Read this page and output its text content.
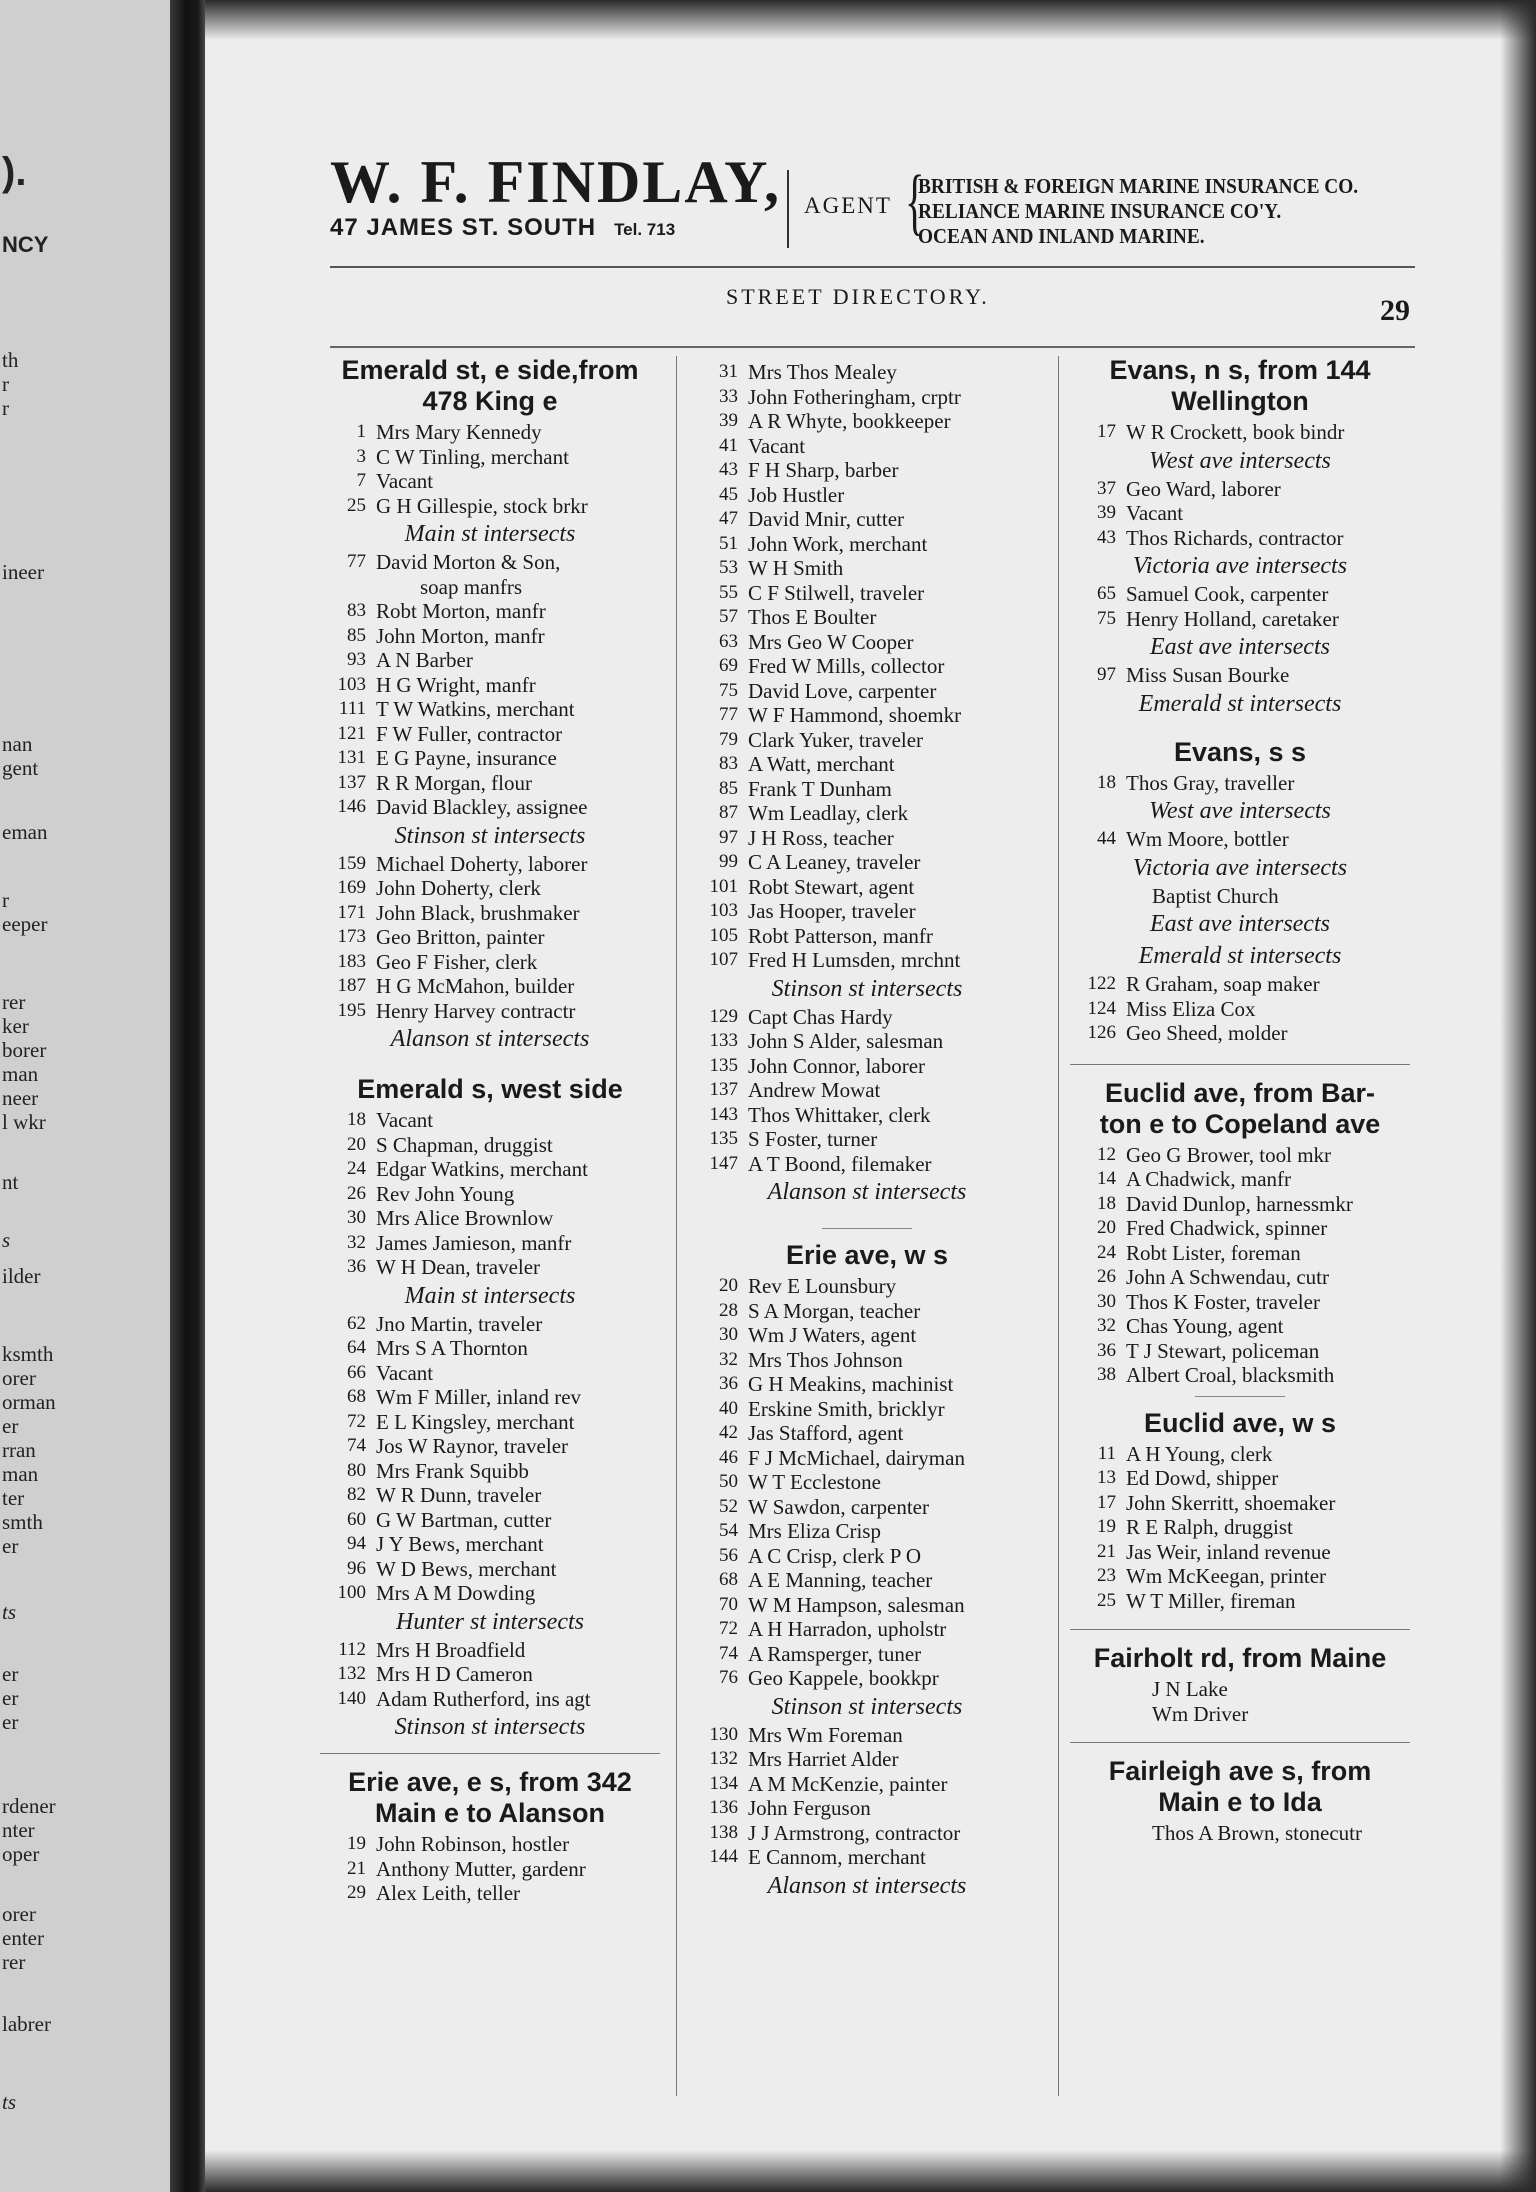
).
NCY
th
r
r
ineer
nan
gent
eman
r
eeper
rer
ker
borer
man
neer
l wkr
nt
s
ilder
ksmth
orer
orman
er
rran
man
ter
smth
er
ts
er
er
er
rdener
nter
oper
orer
enter
rer
labrer
ts
W. F. FINDLAY,
47 JAMES ST. SOUTH Tel. 713
AGENT {
BRITISH & FOREIGN MARINE INSURANCE CO.
RELIANCE MARINE INSURANCE CO'Y.
OCEAN AND INLAND MARINE.
STREET DIRECTORY.	29
Emerald st, e side,from
478 King e
1 Mrs Mary Kennedy
3 C W Tinling, merchant
7 Vacant
25 G H Gillespie, stock brkr
Main st intersects
77 David Morton & Son,
soap manfrs
83 Robt Morton, manfr
85 John Morton, manfr
93 A N Barber
103 H G Wright, manfr
111 T W Watkins, merchant
121 F W Fuller, contractor
131 E G Payne, insurance
137 R R Morgan, flour
146 David Blackley, assignee
Stinson st intersects
159 Michael Doherty, laborer
169 John Doherty, clerk
171 John Black, brushmaker
173 Geo Britton, painter
183 Geo F Fisher, clerk
187 H G McMahon, builder
195 Henry Harvey contractr
Alanson st intersects
Emerald s, west side
18 Vacant
20 S Chapman, druggist
24 Edgar Watkins, merchant
26 Rev John Young
30 Mrs Alice Brownlow
32 James Jamieson, manfr
36 W H Dean, traveler
Main st intersects
62 Jno Martin, traveler
64 Mrs S A Thornton
66 Vacant
68 Wm F Miller, inland rev
72 E L Kingsley, merchant
74 Jos W Raynor, traveler
80 Mrs Frank Squibb
82 W R Dunn, traveler
60 G W Bartman, cutter
94 J Y Bews, merchant
96 W D Bews, merchant
100 Mrs A M Dowding
Hunter st intersects
112 Mrs H Broadfield
132 Mrs H D Cameron
140 Adam Rutherford, ins agt
Stinson st intersects
Erie ave, e s, from 342
Main e to Alanson
19 John Robinson, hostler
21 Anthony Mutter, gardenr
29 Alex Leith, teller
31 Mrs Thos Mealey
33 John Fotheringham, crptr
39 A R Whyte, bookkeeper
41 Vacant
43 F H Sharp, barber
45 Job Hustler
47 David Mnir, cutter
51 John Work, merchant
53 W H Smith
55 C F Stilwell, traveler
57 Thos E Boulter
63 Mrs Geo W Cooper
69 Fred W Mills, collector
75 David Love, carpenter
77 W F Hammond, shoemkr
79 Clark Yuker, traveler
83 A Watt, merchant
85 Frank T Dunham
87 Wm Leadlay, clerk
97 J H Ross, teacher
99 C A Leaney, traveler
101 Robt Stewart, agent
103 Jas Hooper, traveler
105 Robt Patterson, manfr
107 Fred H Lumsden, mrchnt
Stinson st intersects
129 Capt Chas Hardy
133 John S Alder, salesman
135 John Connor, laborer
137 Andrew Mowat
143 Thos Whittaker, clerk
135 S Foster, turner
147 A T Boond, filemaker
Alanson st intersects
Erie ave, w s
20 Rev E Lounsbury
28 S A Morgan, teacher
30 Wm J Waters, agent
32 Mrs Thos Johnson
36 G H Meakins, machinist
40 Erskine Smith, bricklyr
42 Jas Stafford, agent
46 F J McMichael, dairyman
50 W T Ecclestone
52 W Sawdon, carpenter
54 Mrs Eliza Crisp
56 A C Crisp, clerk P O
68 A E Manning, teacher
70 W M Hampson, salesman
72 A H Harradon, upholstr
74 A Ramsperger, tuner
76 Geo Kappele, bookkpr
Stinson st intersects
130 Mrs Wm Foreman
132 Mrs Harriet Alder
134 A M McKenzie, painter
136 John Ferguson
138 J J Armstrong, contractor
144 E Cannom, merchant
Alanson st intersects
Evans, n s, from 144
Wellington
17 W R Crockett, book bindr
West ave intersects
37 Geo Ward, laborer
39 Vacant
43 Thos Richards, contractor
Victoria ave intersects
65 Samuel Cook, carpenter
75 Henry Holland, caretaker
East ave intersects
97 Miss Susan Bourke
Emerald st intersects
Evans, s s
18 Thos Gray, traveller
West ave intersects
44 Wm Moore, bottler
Victoria ave intersects
Baptist Church
East ave intersects
Emerald st intersects
122 R Graham, soap maker
124 Miss Eliza Cox
126 Geo Sheed, molder
Euclid ave, from Bar-
ton e to Copeland ave
12 Geo G Brower, tool mkr
14 A Chadwick, manfr
18 David Dunlop, harnessmkr
20 Fred Chadwick, spinner
24 Robt Lister, foreman
26 John A Schwendau, cutr
30 Thos K Foster, traveler
32 Chas Young, agent
36 T J Stewart, policeman
38 Albert Croal, blacksmith
Euclid ave, w s
11 A H Young, clerk
13 Ed Dowd, shipper
17 John Skerritt, shoemaker
19 R E Ralph, druggist
21 Jas Weir, inland revenue
23 Wm McKeegan, printer
25 W T Miller, fireman
Fairholt rd, from Maine
J N Lake
Wm Driver
Fairleigh ave s, from
Main e to Ida
Thos A Brown, stonecutr
